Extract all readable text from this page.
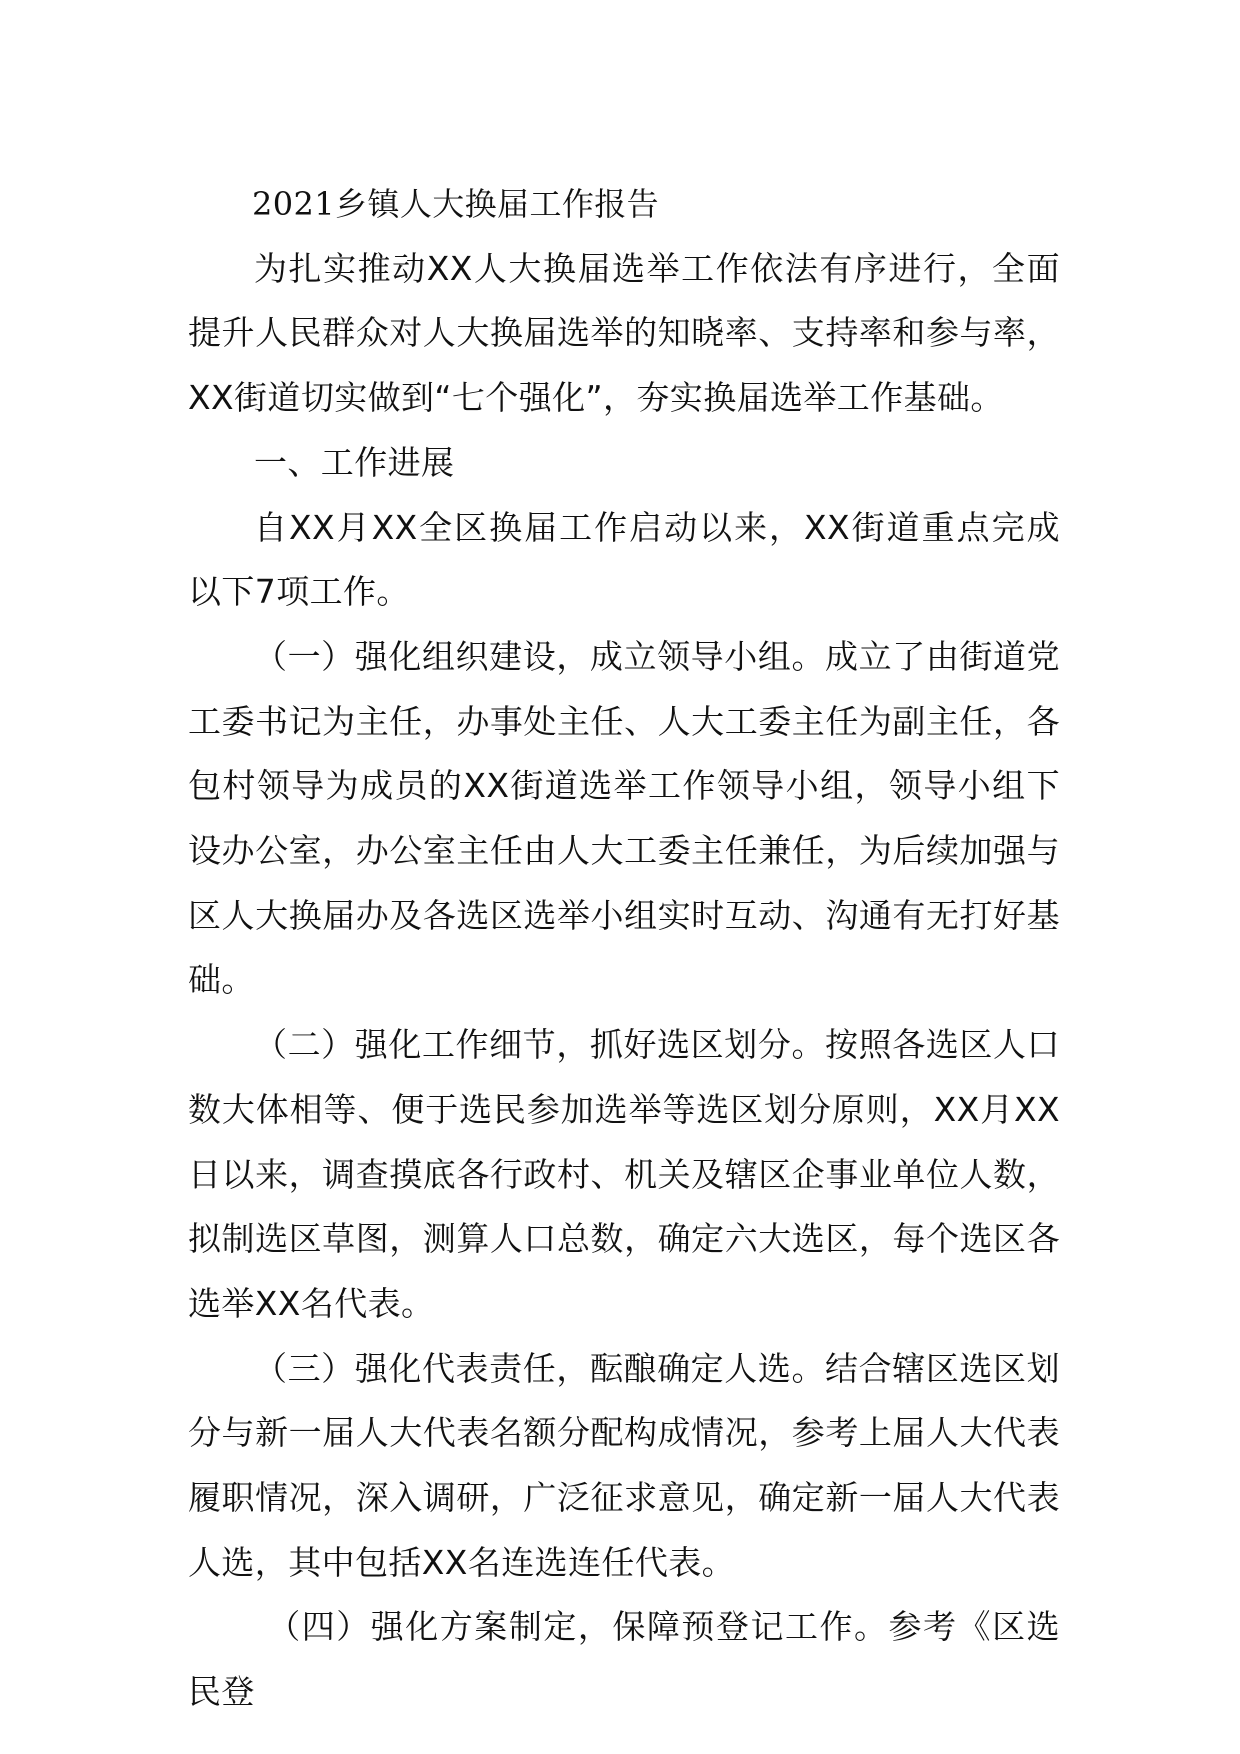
2021乡镇人大换届工作报告

为扎实推动XX人大换届选举工作依法有序进行，全面提升人民群众对人大换届选举的知晓率、支持率和参与率，XX街道切实做到“七个强化”，夯实换届选举工作基础。

一、工作进展

自XX月XX全区换届工作启动以来，XX街道重点完成以下7项工作。

（一）强化组织建设，成立领导小组。成立了由街道党工委书记为主任，办事处主任、人大工委主任为副主任，各包村领导为成员的XX街道选举工作领导小组，领导小组下设办公室，办公室主任由人大工委主任兼任，为后续加强与区人大换届办及各选区选举小组实时互动、沟通有无打好基础。

（二）强化工作细节，抓好选区划分。按照各选区人口数大体相等、便于选民参加选举等选区划分原则，XX月XX日以来，调查摸底各行政村、机关及辖区企事业单位人数，拟制选区草图，测算人口总数，确定六大选区，每个选区各选举XX名代表。

（三）强化代表责任，酝酿确定人选。结合辖区选区划分与新一届人大代表名额分配构成情况，参考上届人大代表履职情况，深入调研，广泛征求意见，确定新一届人大代表人选，其中包括XX名连选连任代表。

（四）强化方案制定，保障预登记工作。参考《区选民登
